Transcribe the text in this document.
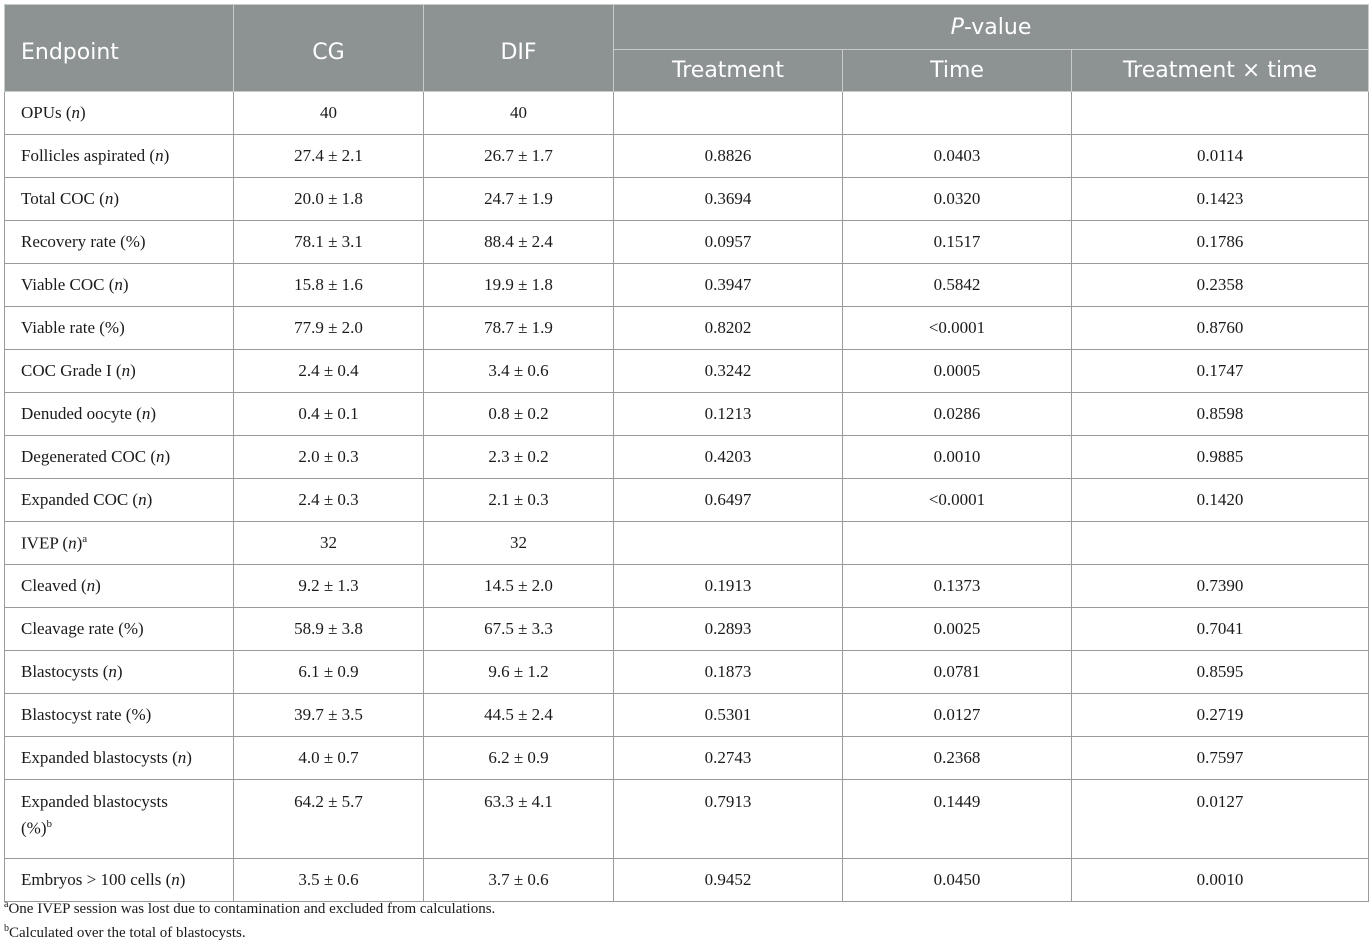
Endpoint	CG	DIF	P-value		
			Treatment	Time	Treatment × time
OPUs (n)	40	40			
Follicles aspirated (n)	27.4 ± 2.1	26.7 ± 1.7	0.8826	0.0403	0.0114
Total COC (n)	20.0 ± 1.8	24.7 ± 1.9	0.3694	0.0320	0.1423
Recovery rate (%)	78.1 ± 3.1	88.4 ± 2.4	0.0957	0.1517	0.1786
Viable COC (n)	15.8 ± 1.6	19.9 ± 1.8	0.3947	0.5842	0.2358
Viable rate (%)	77.9 ± 2.0	78.7 ± 1.9	0.8202	<0.0001	0.8760
COC Grade I (n)	2.4 ± 0.4	3.4 ± 0.6	0.3242	0.0005	0.1747
Denuded oocyte (n)	0.4 ± 0.1	0.8 ± 0.2	0.1213	0.0286	0.8598
Degenerated COC (n)	2.0 ± 0.3	2.3 ± 0.2	0.4203	0.0010	0.9885
Expanded COC (n)	2.4 ± 0.3	2.1 ± 0.3	0.6497	<0.0001	0.1420
IVEP $(n)^a$	32	32			
Cleaved (n)	9.2 ± 1.3	14.5 ± 2.0	0.1913	0.1373	0.7390
Cleavage rate (%)	58.9 ± 3.8	67.5 ± 3.3	0.2893	0.0025	0.7041
Blastocysts (n)	6.1 ± 0.9	9.6 ± 1.2	0.1873	0.0781	0.8595
Blastocyst rate (%)	39.7 ± 3.5	44.5 ± 2.4	0.5301	0.0127	0.2719
Expanded blastocysts (n)	4.0 ± 0.7	6.2 ± 0.9	0.2743	0.2368	0.7597
Expanded blastocysts (%)$^b$	64.2 ± 5.7	63.3 ± 4.1	0.7913	0.1449	0.0127
Embryos > 100 cells (n)	3.5 ± 0.6	3.7 ± 0.6	0.9452	0.0450	0.0010
$^a$One IVEP session was lost due to contamination and excluded from calculations.
$^b$Calculated over the total of blastocysts.
